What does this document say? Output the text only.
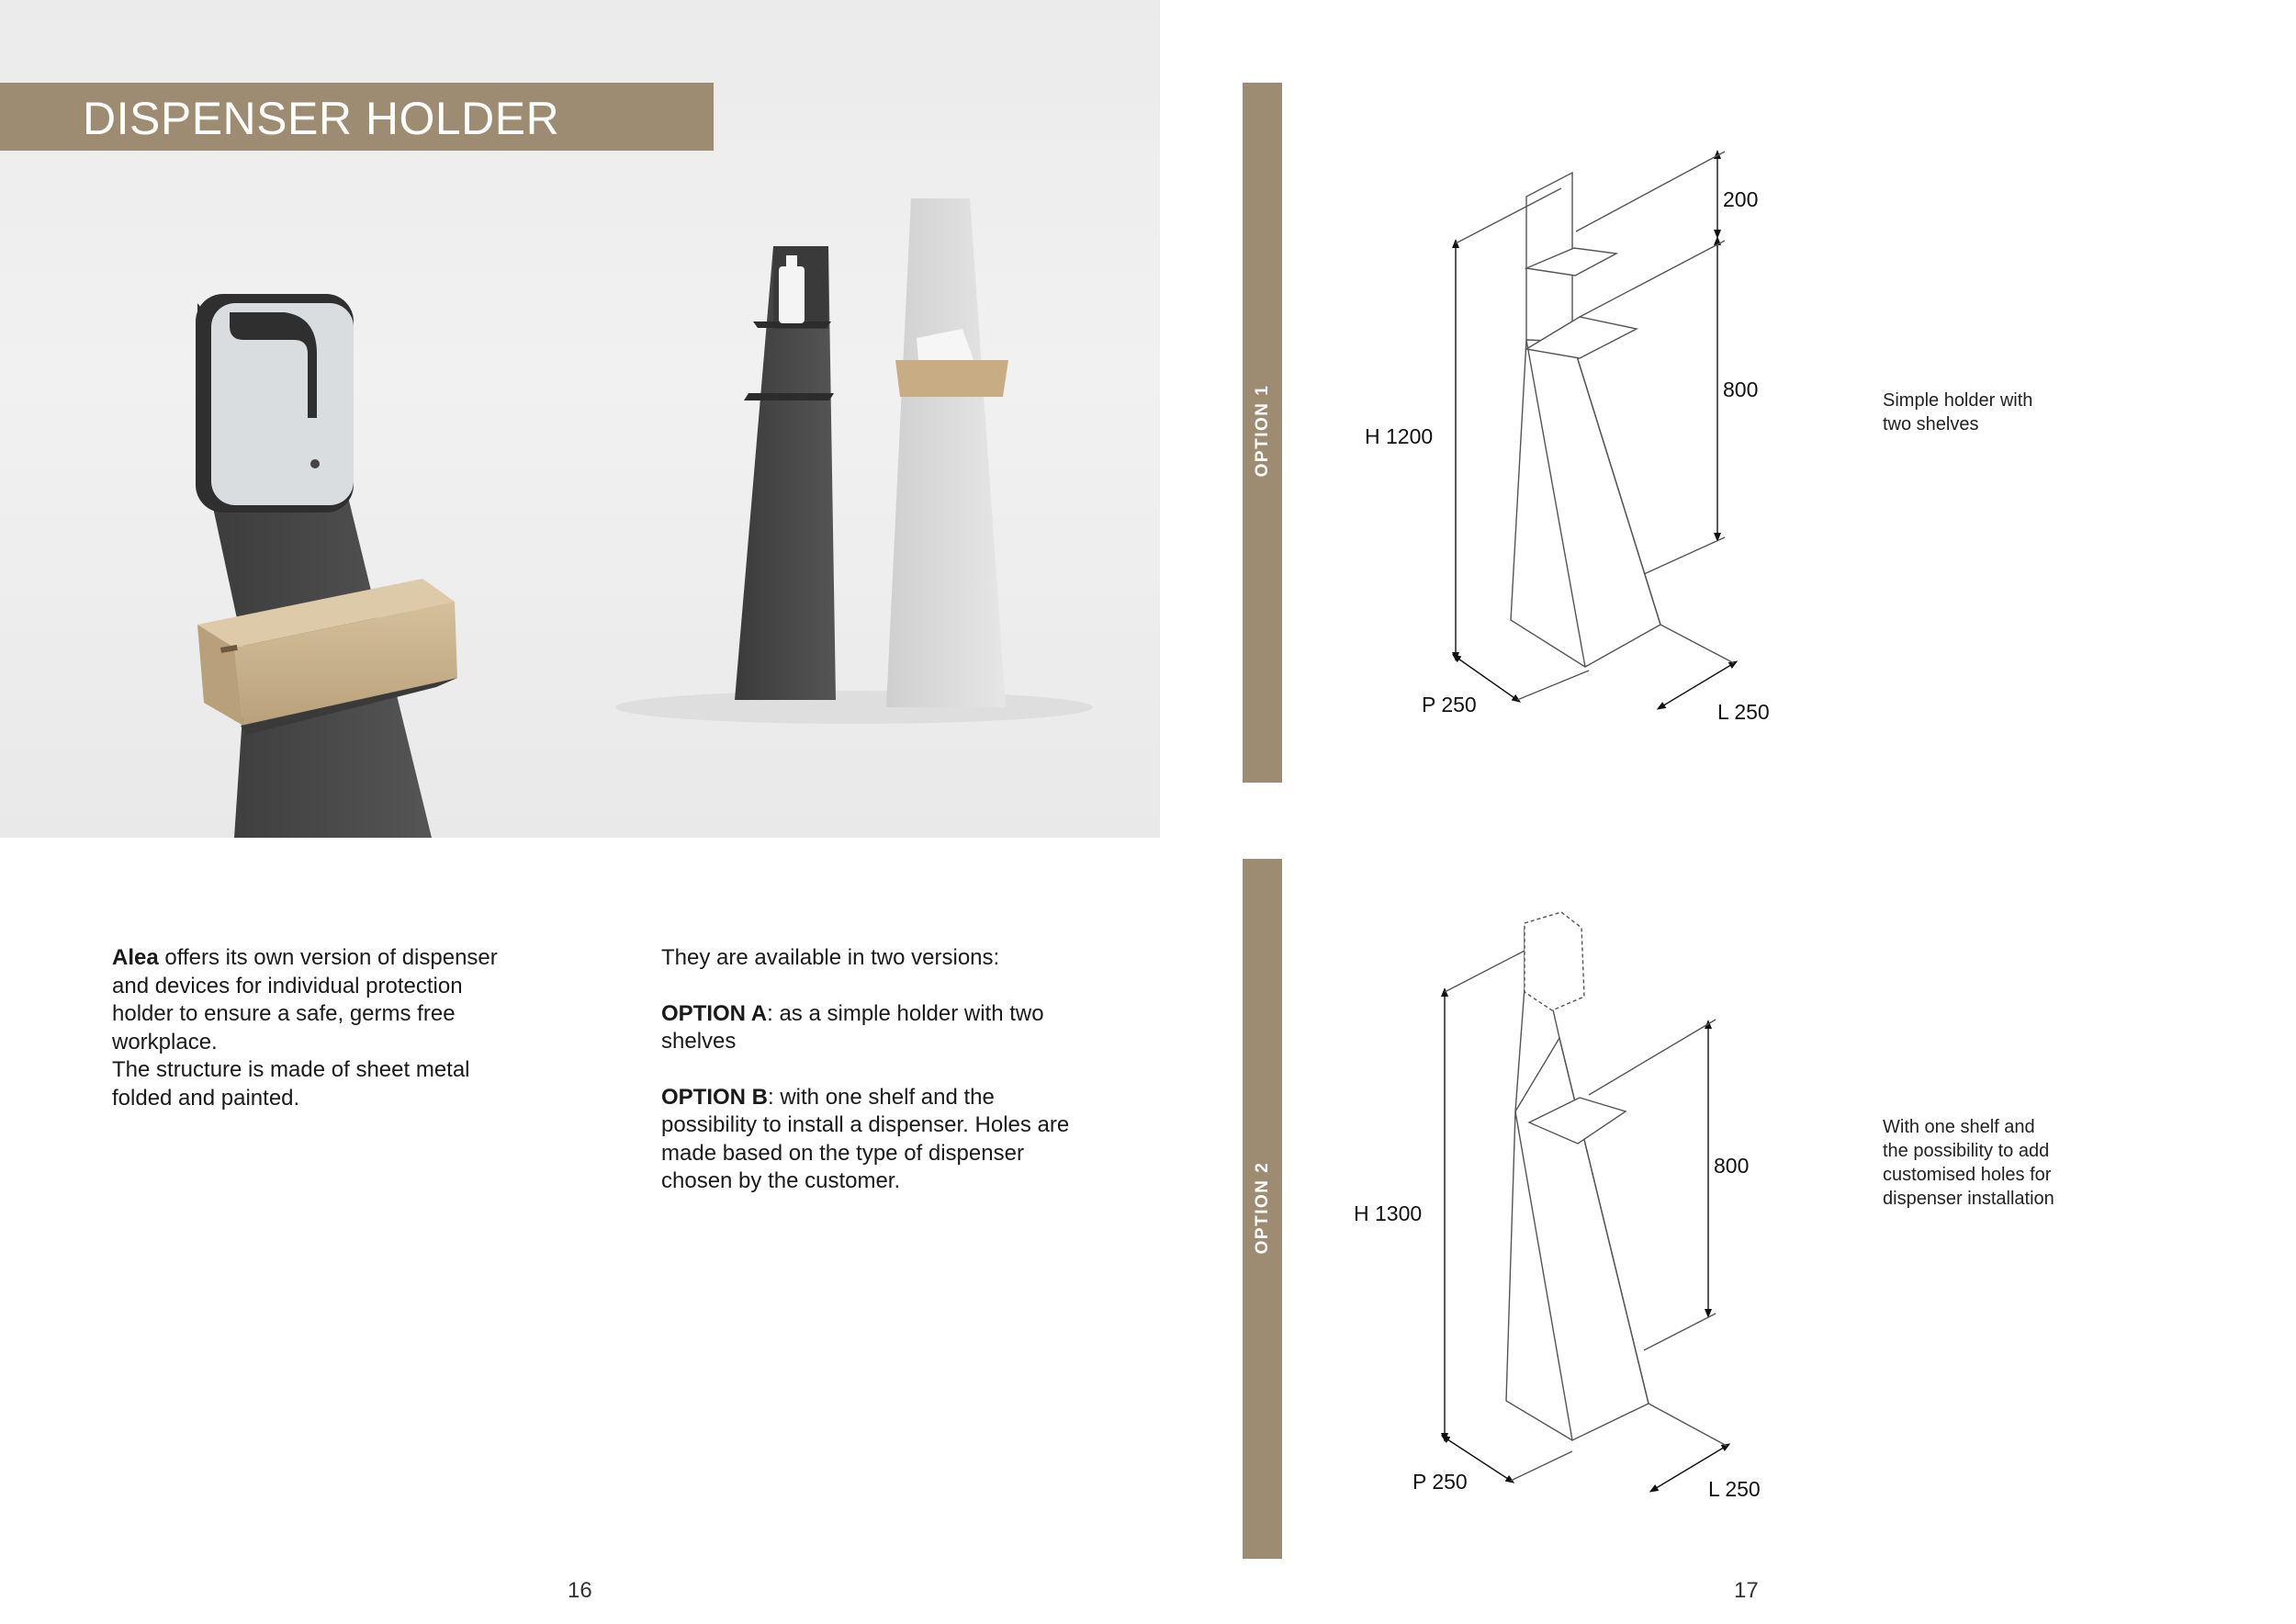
DISPENSER HOLDER

Alea offers its own version of dispenser

and devices for individual protection

holder to ensure a safe, germs free

workplace.

The structure is made of sheet metal

folded and painted.

They are available in two versions:

OPTION A: as a simple holder with two

shelves

OPTION B: with one shelf and the

possibility to install a dispenser. Holes are

made based on the type of dispenser

chosen by the customer.

16
OPTION 1
OPTION 2
200
800
H 1200
P 250	L 250

Simple holder with

two shelves

800
H 1300
P 250	L 250

With one shelf and

the possibility to add

customised holes for

dispenser installation

17
